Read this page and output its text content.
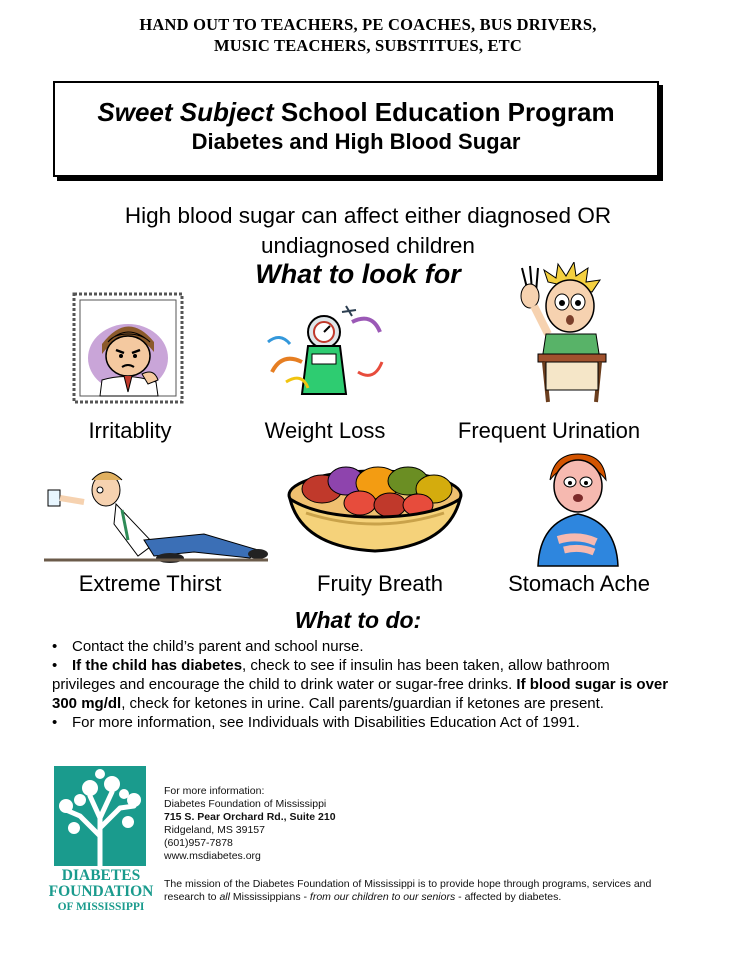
HAND OUT TO TEACHERS, PE COACHES, BUS DRIVERS,
MUSIC TEACHERS, SUBSTITUES, ETC
Sweet Subject School Education Program
Diabetes and High Blood Sugar
High blood sugar can affect either diagnosed OR
undiagnosed children
What to look for
Irritablity	Weight Loss	Frequent Urination
Extreme Thirst	Fruity Breath	Stomach Ache
What to do:

• Contact the child’s parent and school nurse.

• If the child has diabetes, check to see if insulin has been taken, allow bathroom privileges and encourage the child to drink water or sugar-free drinks. If blood sugar is over 300 mg/dl, check for ketones in urine. Call parents/guardian if ketones are present.

• For more information, see Individuals with Disabilities Education Act of 1991.

DIABETES
FOUNDATION
OF MISSISSIPPI
For more information:
Diabetes Foundation of Mississippi
715 S. Pear Orchard Rd., Suite 210
Ridgeland, MS 39157
(601)957-7878
www.msdiabetes.org
The mission of the Diabetes Foundation of Mississippi is to provide hope through programs, services and research to all Mississippians - from our children to our seniors - affected by diabetes.
